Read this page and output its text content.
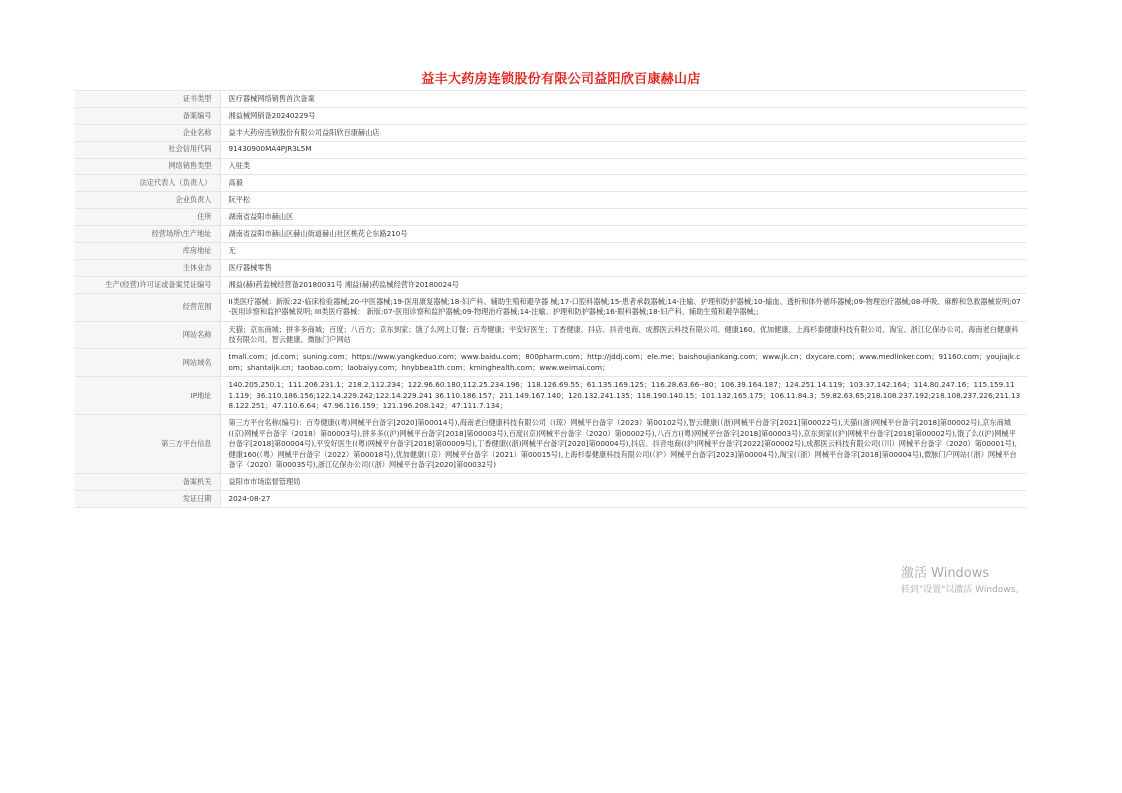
益丰大药房连锁股份有限公司益阳欣百康赫山店
证书类型	医疗器械网络销售首次备案
备案编号	湘益械网销备20240229号
企业名称	益丰大药房连锁股份有限公司益阳欣百康赫山店
社会信用代码	91430900MA4PJR3L5M
网络销售类型	入驻类
法定代表人（负责人）	高毅
企业负责人	阮平松
住所	湖南省益阳市赫山区
经营场所\生产地址	湖南省益阳市赫山区赫山街道赫山社区桃花仑东路210号
库房地址	无
主体业态	医疗器械零售
生产(经营)许可证或备案凭证编号	湘益(赫)药监械经营备20180031号 湘益(赫)药监械经营许20180024号
经营范围	II类医疗器械：新版:22-临床检验器械;20-中医器械;19-医用康复器械;18-妇产科、辅助生殖和避孕器 械;17-口腔科器械;15-患者承载器械;14-注输、护理和防护器械;10-输血、透析和体外循环器械;09-物理治疗器械;08-呼吸、麻醉和急救器械说明;07-医用诊察和监护器械说明; III类医疗器械： 新版:07-医用诊察和监护器械;09-物理治疗器械;14-注输、护理和防护器械;16-眼科器械;18-妇产科、辅助生殖和避孕器械;;
网站名称	天猫；京东商城；拼多多商城；百度；八百方；京东到家；饿了么网上订餐；百寿健康；平安好医生；丁香健康、抖店、抖音电商、成都医云科技有限公司、健康160、优加健康、上海杉泰健康科技有限公司、淘宝、浙江亿保办公司、海南老白健康科技有限公司、智云健康、微脉门户网站
网站域名	tmall.com；jd.com；suning.com；https://www.yangkeduo.com；www.baidu.com；800pharm.com；http://jddj.com；ele.me；baishoujiankang.com；www.jk.cn；dxycare.com；www.medlinker.com；91160.com；youjiajk.com；shantaijk.cn；taobao.com；laobaiyy.com；hnybbea1th.com；kminghealth.com；www.weimai.com；
IP地址	140.205.250.1；111.206.231.1；218.2.112.234；122.96.60.180,112.25.234.196；118.126.69.55；61.135.169.125；116.28.63.66--80；106.39.164.187；124.251.14.119；103.37.142.164；114.80.247.16；115.159.111.119；36.110.186.156;122.14.229.242;122.14.229.241 36.110.186.157；211.149.167.140；120.132.241.135；118.190.140.15；101.132.165.175；106.11.84.3；59.82.63.65;218.108.237.192;218.108.237.226;211.138.122.251；47.110.6.64；47.96.116.159；121.196.208.142；47.111.7.134；
第三方平台信息	第三方平台名称(编号)：百寿健康((粤)网械平台备字[2020]第00014号),海南老白健康科技有限公司（(琼）网械平台备字（2023）第00102号),智云健康(（浙)网械平台备字[2021]第00022号),天猫((浙)网械平台备字[2018]第00002号),京东商城((京)网械平台备字（2018）第00003号),拼多多((沪)网械平台备字[2018]第00003号),百度((京)网械平台备字（2020）第00002号),八百方((粤)网械平台备字[2018]第00003号),京东到家((沪)网械平台备字[2018]第00002号),饿了么((沪)网械平台备字[2018]第00004号),平安好医生((粤)网械平台备字[2018]第00009号),丁香健康((浙)网械平台备字[2020]第00004号),抖店、抖音电商((沪)网械平台备字[2022]第00002号),成都医云科技有限公司(（川）网械平台备字（2020）第00001号),健康160(（粤）网械平台备字（2022）第00018号),优加健康(（京）网械平台备字（2021）第00015号),上海杉泰健康科技有限公司(（沪）网械平台备字[2023]第00004号),淘宝(（浙）网械平台备字[2018]第00004号),微脉门户网站(（浙）网械平台备字（2020）第00035号),浙江亿保办公司(（浙）网械平台备字[2020]第00032号)
备案机关	益阳市市场监督管理局
发证日期	2024-08-27
激活 Windows
转到"设置"以激活 Windows。
